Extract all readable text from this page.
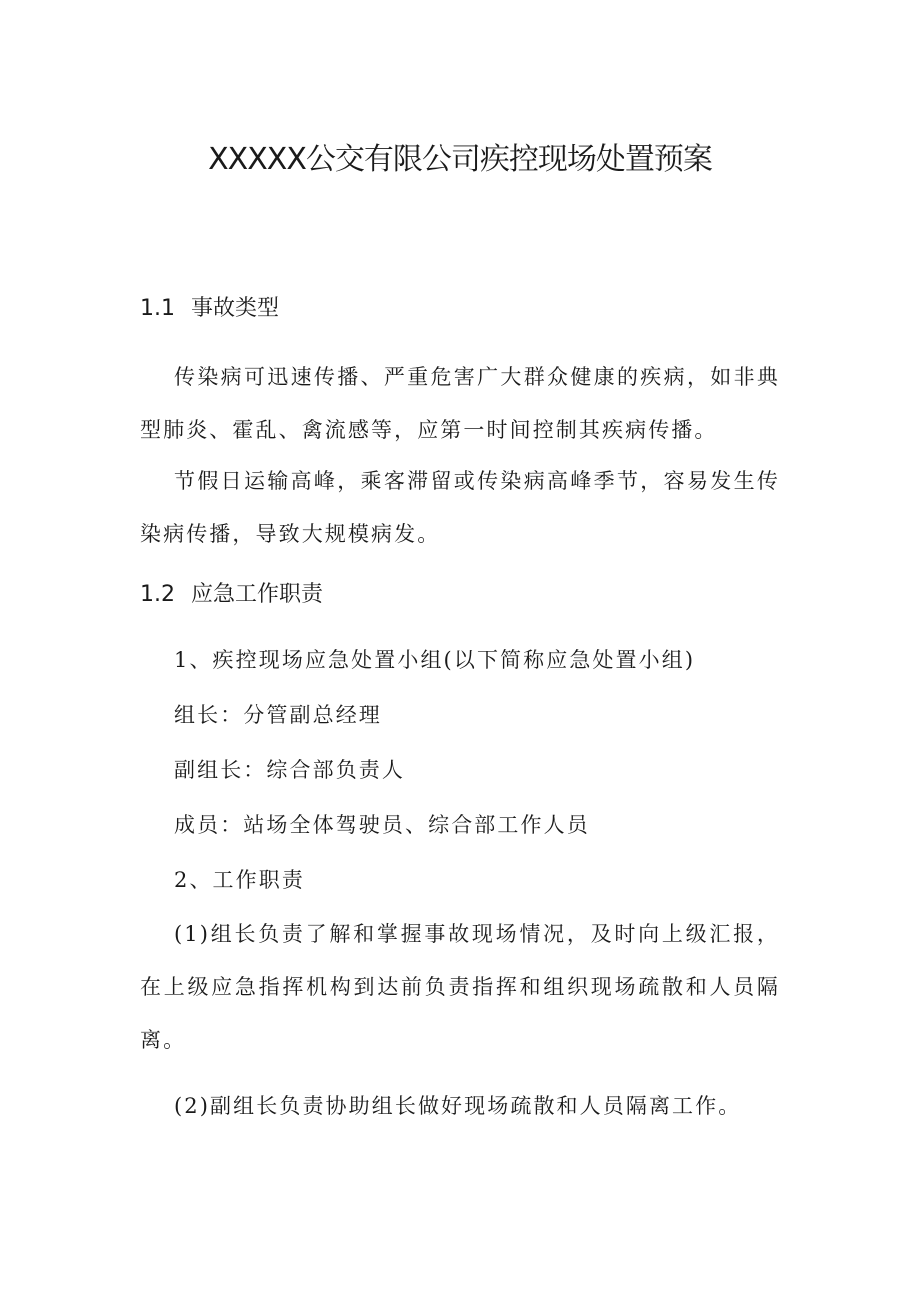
XXXXX公交有限公司疾控现场处置预案
1.1 事故类型

传染病可迅速传播、严重危害广大群众健康的疾病，如非典型肺炎、霍乱、禽流感等，应第一时间控制其疾病传播。

节假日运输高峰，乘客滞留或传染病高峰季节，容易发生传染病传播，导致大规模病发。

1.2 应急工作职责

1、疾控现场应急处置小组(以下简称应急处置小组)

组长：分管副总经理

副组长：综合部负责人

成员：站场全体驾驶员、综合部工作人员

2、工作职责

(1)组长负责了解和掌握事故现场情况，及时向上级汇报，在上级应急指挥机构到达前负责指挥和组织现场疏散和人员隔离。

(2)副组长负责协助组长做好现场疏散和人员隔离工作。
